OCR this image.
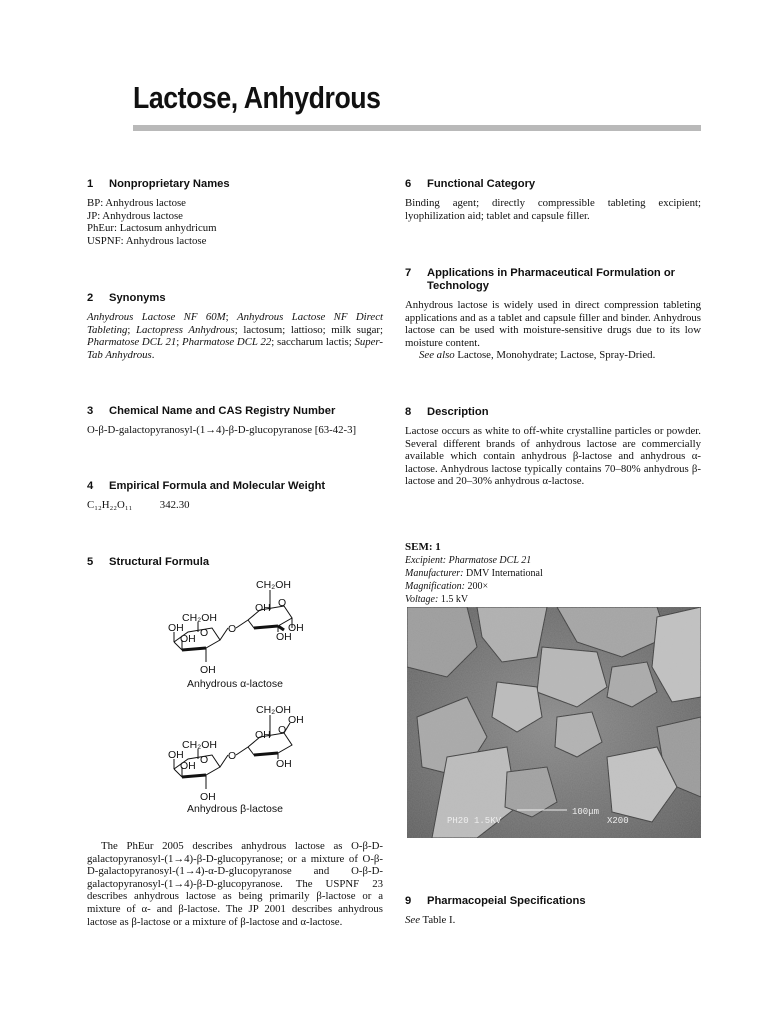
Lactose, Anhydrous
1	Nonproprietary Names
BP: Anhydrous lactose
JP: Anhydrous lactose
PhEur: Lactosum anhydricum
USPNF: Anhydrous lactose
2	Synonyms
Anhydrous Lactose NF 60M; Anhydrous Lactose NF Direct Tableting; Lactopress Anhydrous; lactosum; lattioso; milk sugar; Pharmatose DCL 21; Pharmatose DCL 22; saccharum lactis; Super-Tab Anhydrous.
3	Chemical Name and CAS Registry Number
O-β-D-galactopyranosyl-(1→4)-β-D-glucopyranose [63-42-3]
4	Empirical Formula and Molecular Weight
C₁₂H₂₂O₁₁	342.30
5	Structural Formula
CH₂OH
OH O
OH
OH
CH₂OH
OH
OH O O
OH
Anhydrous α-lactose
CH₂OH
OH
OH O
OH
CH₂OH
OH
OH O O
OH
Anhydrous β-lactose
The PhEur 2005 describes anhydrous lactose as O-β-D-galactopyranosyl-(1→4)-β-D-glucopyranose; or a mixture of O-β-D-galactopyranosyl-(1→4)-α-D-glucopyranose and O-β-D-galactopyranosyl-(1→4)-β-D-glucopyranose. The USPNF 23 describes anhydrous lactose as being primarily β-lactose or a mixture of α- and β-lactose. The JP 2001 describes anhydrous lactose as β-lactose or a mixture of β-lactose and α-lactose.
6	Functional Category
Binding agent; directly compressible tableting excipient; lyophilization aid; tablet and capsule filler.
7	Applications in Pharmaceutical Formulation or Technology

Anhydrous lactose is widely used in direct compression tableting applications and as a tablet and capsule filler and binder. Anhydrous lactose can be used with moisture-sensitive drugs due to its low moisture content.

See also Lactose, Monohydrate; Lactose, Spray-Dried.

8	Description
Lactose occurs as white to off-white crystalline particles or powder. Several different brands of anhydrous lactose are commercially available which contain anhydrous β-lactose and anhydrous α-lactose. Anhydrous lactose typically contains 70–80% anhydrous β-lactose and 20–30% anhydrous α-lactose.
SEM: 1
Excipient: Pharmatose DCL 21
Manufacturer: DMV International
Magnification: 200×
Voltage: 1.5 kV
PH20 1.5KV
100μm
X200
9	Pharmacopeial Specifications
See Table I.
